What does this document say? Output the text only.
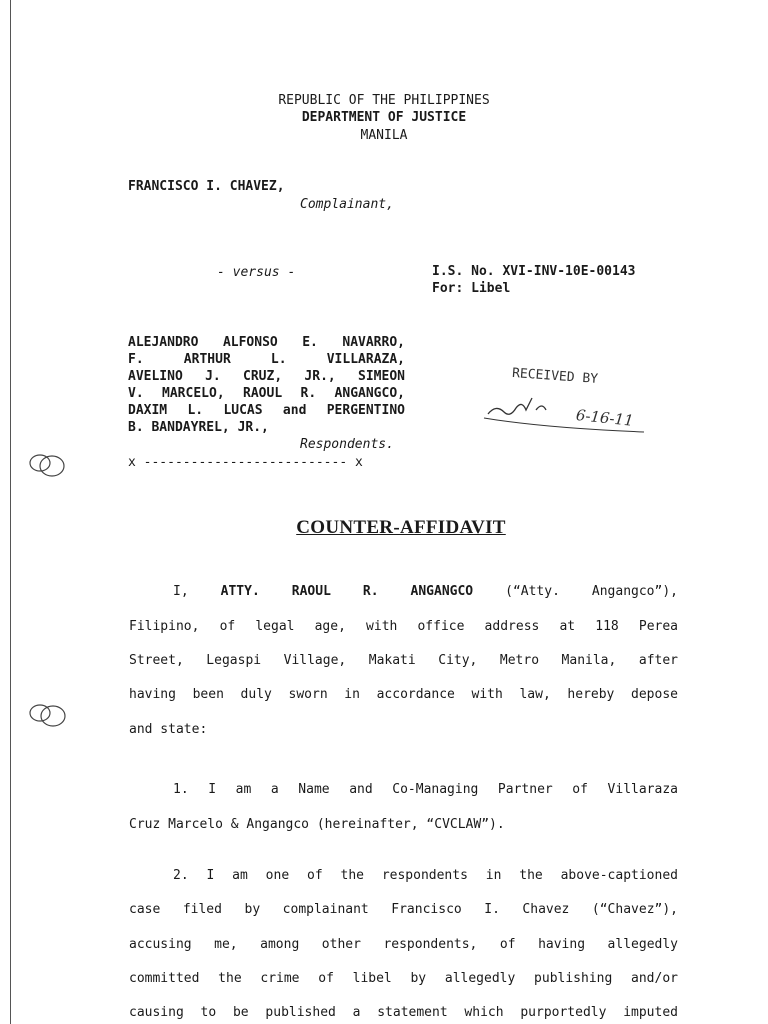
REPUBLIC OF THE PHILIPPINES
DEPARTMENT OF JUSTICE
MANILA
FRANCISCO I. CHAVEZ,
Complainant,
- versus -	I.S. No. XVI-INV-10E-00143
For: Libel
ALEJANDRO ALFONSO E. NAVARRO,
F. ARTHUR L. VILLARAZA,
AVELINO J. CRUZ, JR., SIMEON
V. MARCELO, RAOUL R. ANGANGCO,
DAXIM L. LUCAS and PERGENTINO
B. BANDAYREL, JR.,
Respondents.
x -------------------------- x
RECEIVED BY
6-16-11
COUNTER-AFFIDAVIT
I, ATTY. RAOUL R. ANGANGCO (“Atty. Angangco”),
Filipino, of legal age, with office address at 118 Perea
Street, Legaspi Village, Makati City, Metro Manila, after
having been duly sworn in accordance with law, hereby depose
and state:
1. I am a Name and Co-Managing Partner of Villaraza
Cruz Marcelo & Angangco (hereinafter, “CVCLAW”).
2. I am one of the respondents in the above-captioned
case filed by complainant Francisco I. Chavez (“Chavez”),
accusing me, among other respondents, of having allegedly
committed the crime of libel by allegedly publishing and/or
causing to be published a statement which purportedly imputed
